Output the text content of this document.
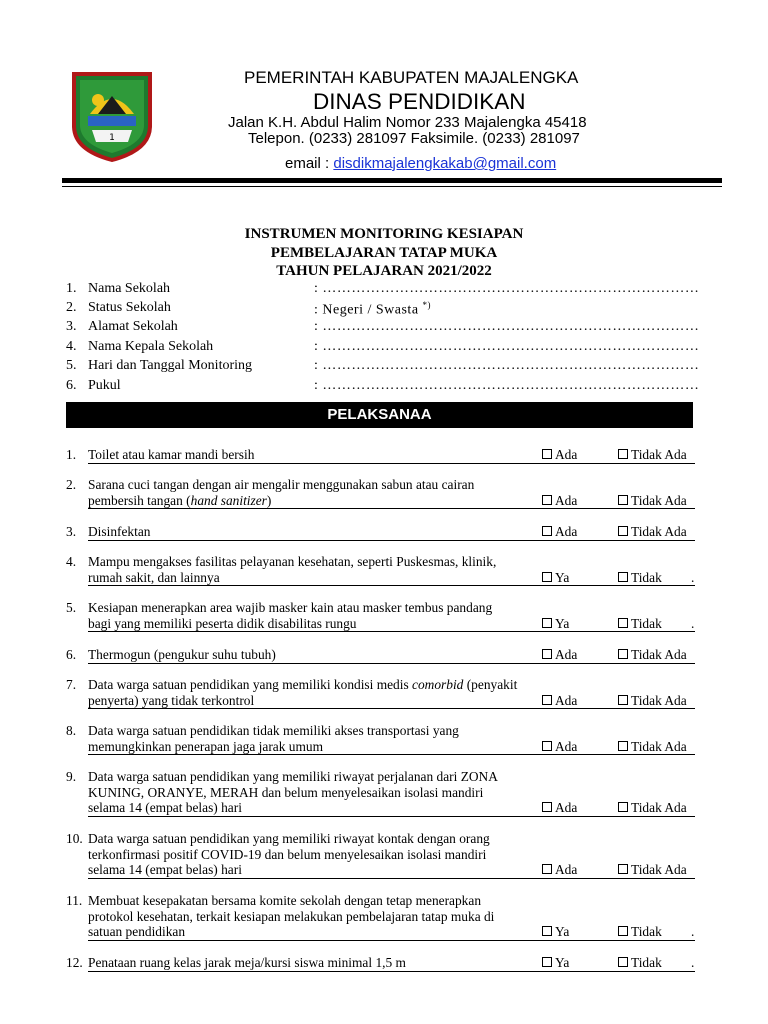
1
PEMERINTAH KABUPATEN MAJALENGKA
DINAS PENDIDIKAN
Jalan K.H. Abdul Halim Nomor 233 Majalengka 45418
Telepon. (0233) 281097 Faksimile. (0233) 281097
email : disdikmajalengkakab@gmail.com
INSTRUMEN MONITORING KESIAPAN
PEMBELAJARAN TATAP MUKA
TAHUN PELAJARAN 2021/2022
1. Nama Sekolah	: ……………………………………………………………………
2. Status Sekolah	: Negeri / Swasta *)
3. Alamat Sekolah	: ……………………………………………………………………
4. Nama Kepala Sekolah	: ……………………………………………………………………
5. Hari dan Tanggal Monitoring	: ……………………………………………………………………
6. Pukul	: ……………………………………………………………………
PELAKSANAA
1. Toilet atau kamar mandi bersih	Ada	Tidak Ada
2. Sarana cuci tangan dengan air mengalir menggunakan sabun atau cairan pembersih tangan (hand sanitizer)	Ada	Tidak Ada
3. Disinfektan	Ada	Tidak Ada
4. Mampu mengakses fasilitas pelayanan kesehatan, seperti Puskesmas, klinik, rumah sakit, dan lainnya	Ya	Tidak .
5. Kesiapan menerapkan area wajib masker kain atau masker tembus pandang bagi yang memiliki peserta didik disabilitas rungu	Ya	Tidak .
6. Thermogun (pengukur suhu tubuh)	Ada	Tidak Ada
7. Data warga satuan pendidikan yang memiliki kondisi medis comorbid (penyakit penyerta) yang tidak terkontrol	Ada	Tidak Ada
8. Data warga satuan pendidikan tidak memiliki akses transportasi yang memungkinkan penerapan jaga jarak umum	Ada	Tidak Ada
9. Data warga satuan pendidikan yang memiliki riwayat perjalanan dari ZONA KUNING, ORANYE, MERAH dan belum menyelesaikan isolasi mandiri selama 14 (empat belas) hari	Ada	Tidak Ada
10. Data warga satuan pendidikan yang memiliki riwayat kontak dengan orang terkonfirmasi positif COVID-19 dan belum menyelesaikan isolasi mandiri selama 14 (empat belas) hari	Ada	Tidak Ada
11. Membuat kesepakatan bersama komite sekolah dengan tetap menerapkan protokol kesehatan, terkait kesiapan melakukan pembelajaran tatap muka di satuan pendidikan	Ya	Tidak .
12. Penataan ruang kelas jarak meja/kursi siswa minimal 1,5 m	Ya	Tidak .
